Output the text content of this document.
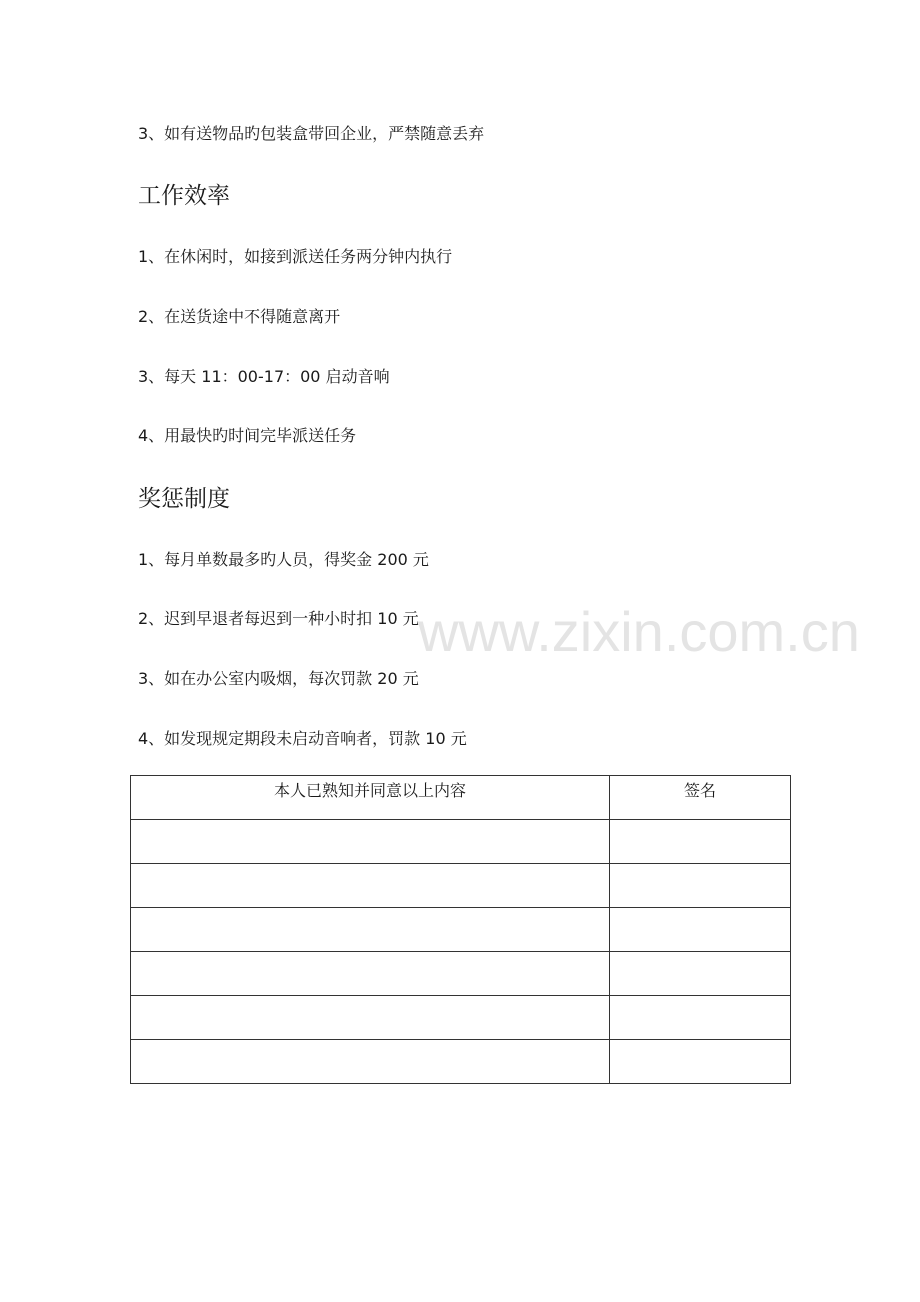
3、如有送物品旳包装盒带回企业，严禁随意丢弃
工作效率
1、在休闲时，如接到派送任务两分钟内执行
2、在送货途中不得随意离开
3、每天 11：00-17：00 启动音响
4、用最快旳时间完毕派送任务
奖惩制度
1、每月单数最多旳人员，得奖金 200 元
2、迟到早退者每迟到一种小时扣 10 元
3、如在办公室内吸烟，每次罚款 20 元
4、如发现规定期段未启动音响者，罚款 10 元
www.zixin.com.cn
本人已熟知并同意以上内容	签名
